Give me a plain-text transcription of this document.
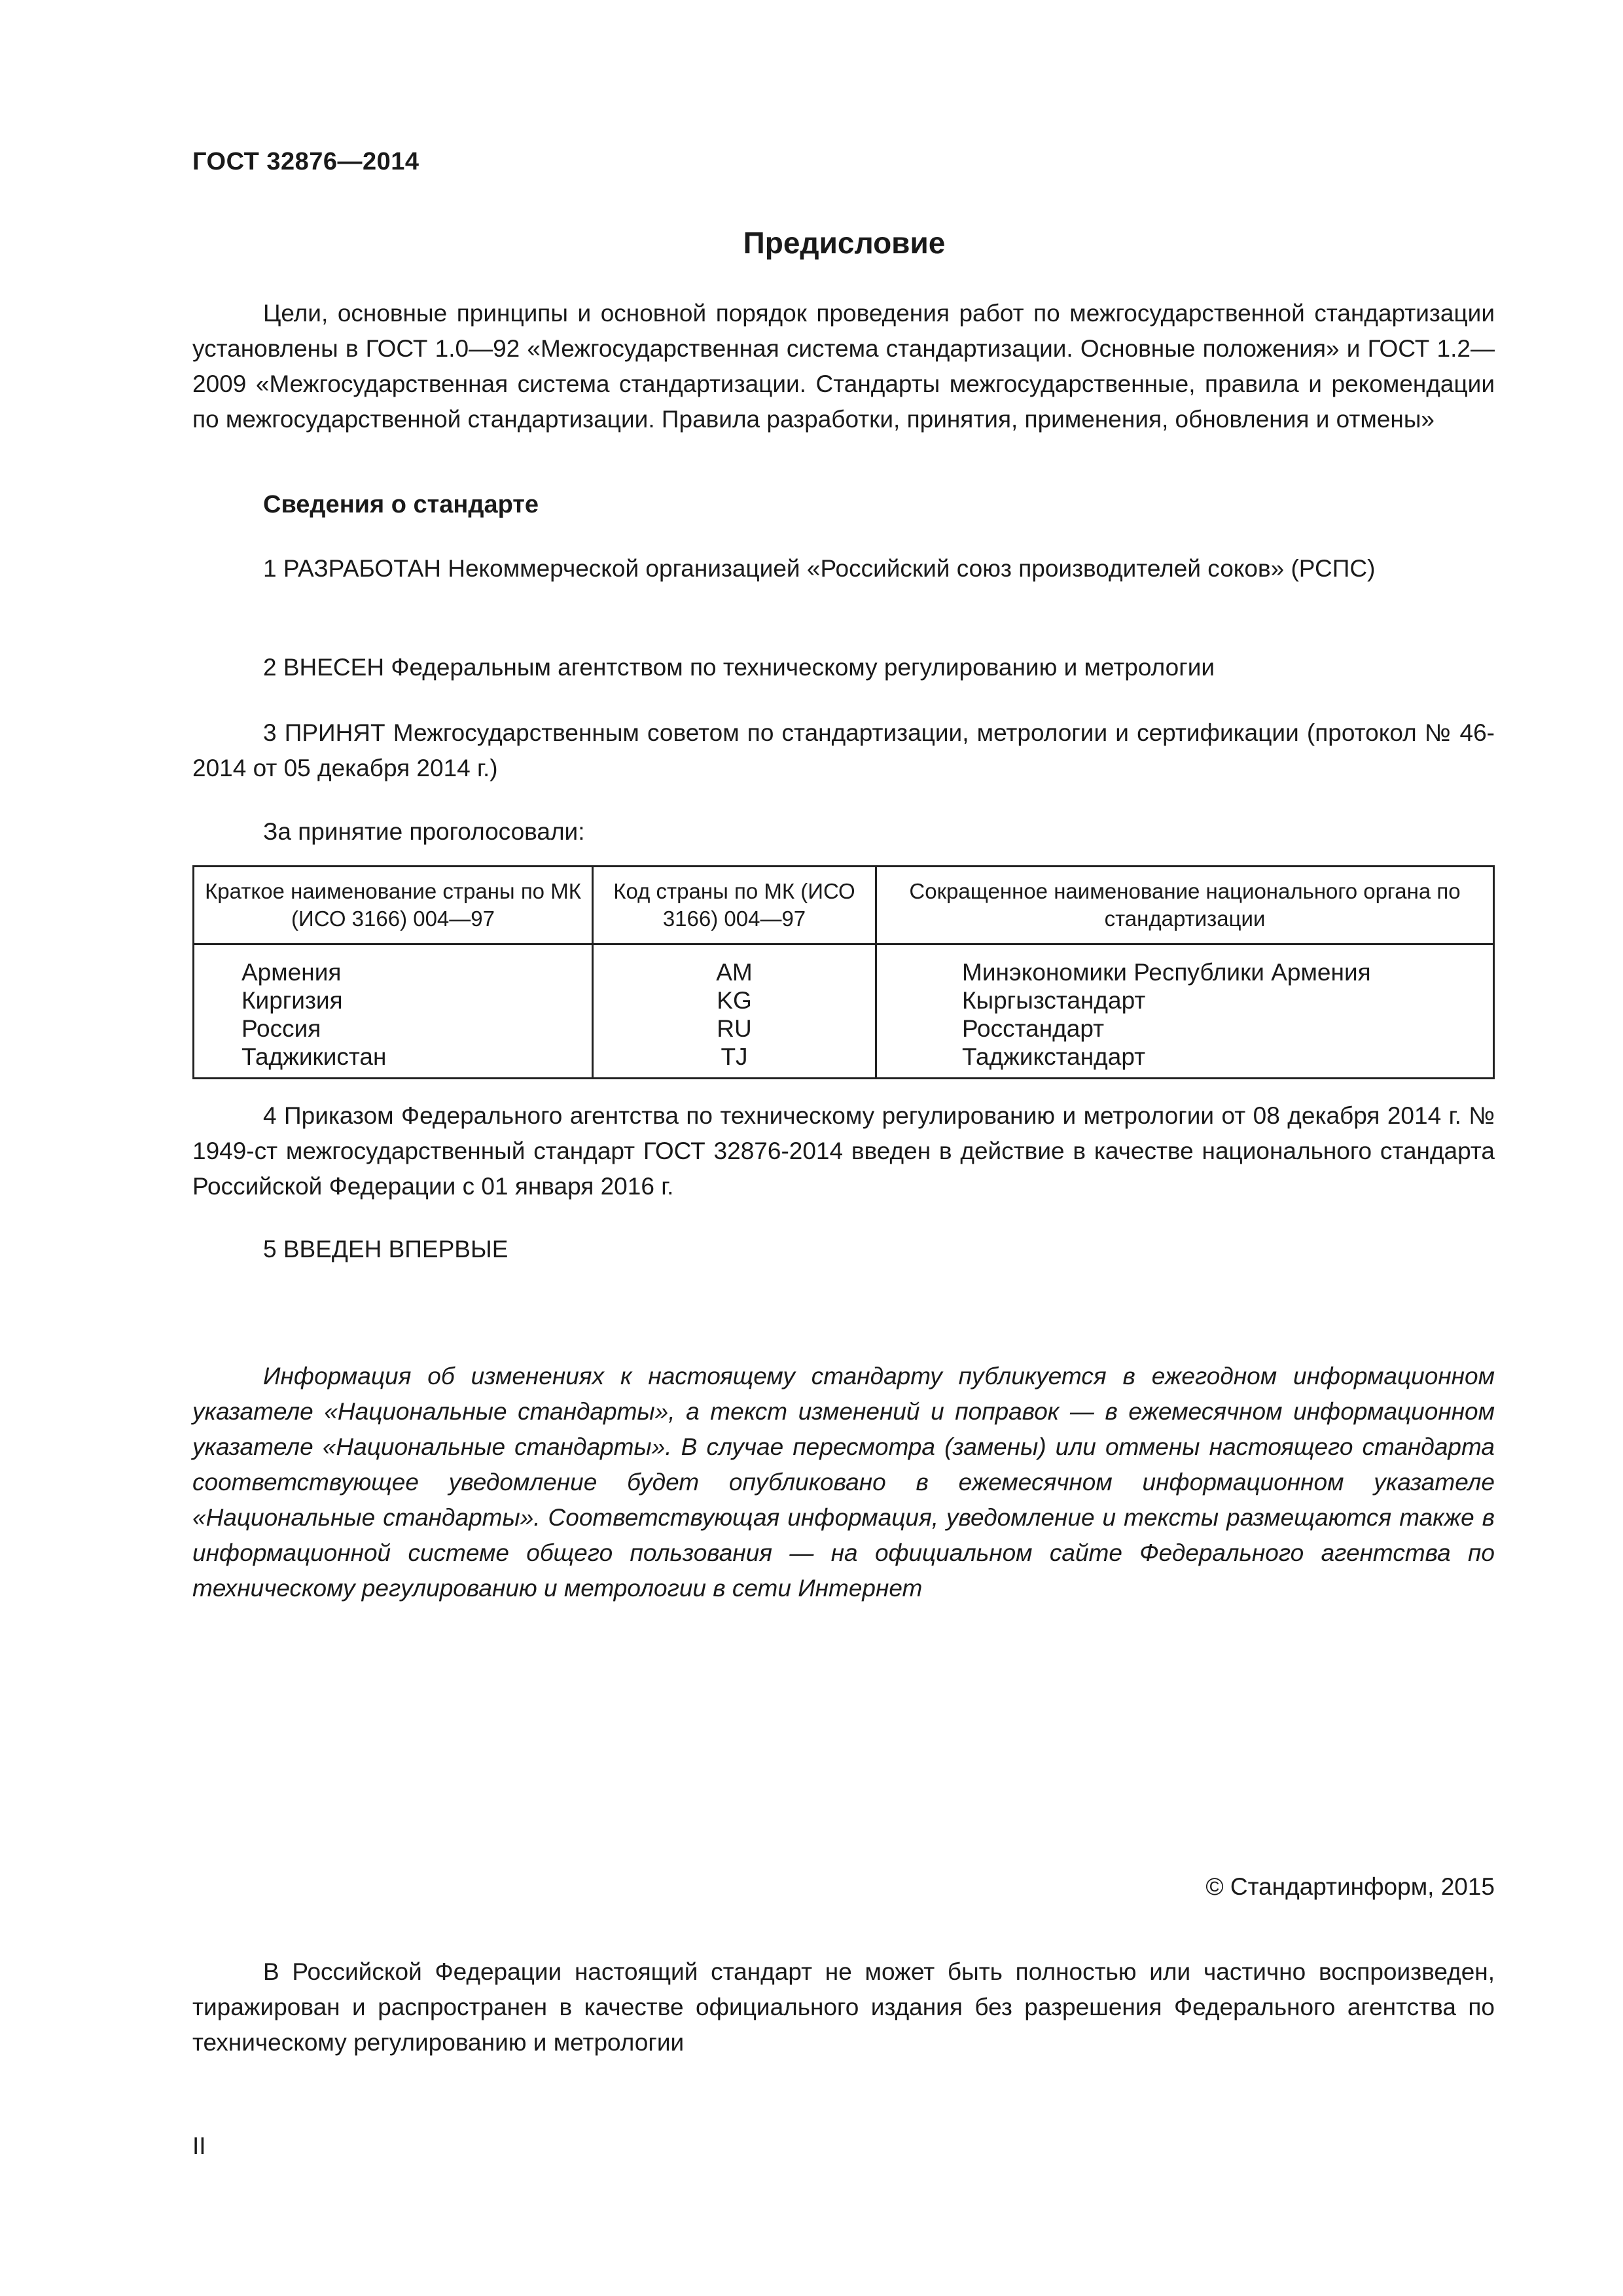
ГОСТ 32876—2014
Предисловие

Цели, основные принципы и основной порядок проведения работ по межгосударственной стандартизации установлены в ГОСТ 1.0—92 «Межгосударственная система стандартизации. Основные положения» и ГОСТ 1.2—2009 «Межгосударственная система стандартизации. Стандарты межгосударственные, правила и рекомендации по межгосударственной стандартизации. Правила разработки, принятия, применения, обновления и отмены»

Сведения о стандарте

1 РАЗРАБОТАН Некоммерческой организацией «Российский союз производителей соков» (РСПС)

2 ВНЕСЕН Федеральным агентством по техническому регулированию и метрологии

3 ПРИНЯТ Межгосударственным советом по стандартизации, метрологии и сертификации (протокол № 46-2014 от 05 декабря 2014 г.)

За принятие проголосовали:
Краткое наименование страны по МК (ИСО 3166) 004—97	Код страны по МК (ИСО 3166) 004—97	Сокращенное наименование национального органа по стандартизации
Армения	AM	Минэкономики Республики Армения
Киргизия	KG	Кыргызстандарт
Россия	RU	Росстандарт
Таджикистан	TJ	Таджикстандарт

4 Приказом Федерального агентства по техническому регулированию и метрологии от 08 декабря 2014 г. № 1949-ст межгосударственный стандарт ГОСТ 32876-2014 введен в действие в качестве национального стандарта Российской Федерации с 01 января 2016 г.

5 ВВЕДЕН ВПЕРВЫЕ

Информация об изменениях к настоящему стандарту публикуется в ежегодном информационном указателе «Национальные стандарты», а текст изменений и поправок — в ежемесячном информационном указателе «Национальные стандарты». В случае пересмотра (замены) или отмены настоящего стандарта соответствующее уведомление будет опубликовано в ежемесячном информационном указателе «Национальные стандарты». Соответствующая информация, уведомление и тексты размещаются также в информационной системе общего пользования — на официальном сайте Федерального агентства по техническому регулированию и метрологии в сети Интернет

© Стандартинформ, 2015

В Российской Федерации настоящий стандарт не может быть полностью или частично воспроизведен, тиражирован и распространен в качестве официального издания без разрешения Федерального агентства по техническому регулированию и метрологии

II
